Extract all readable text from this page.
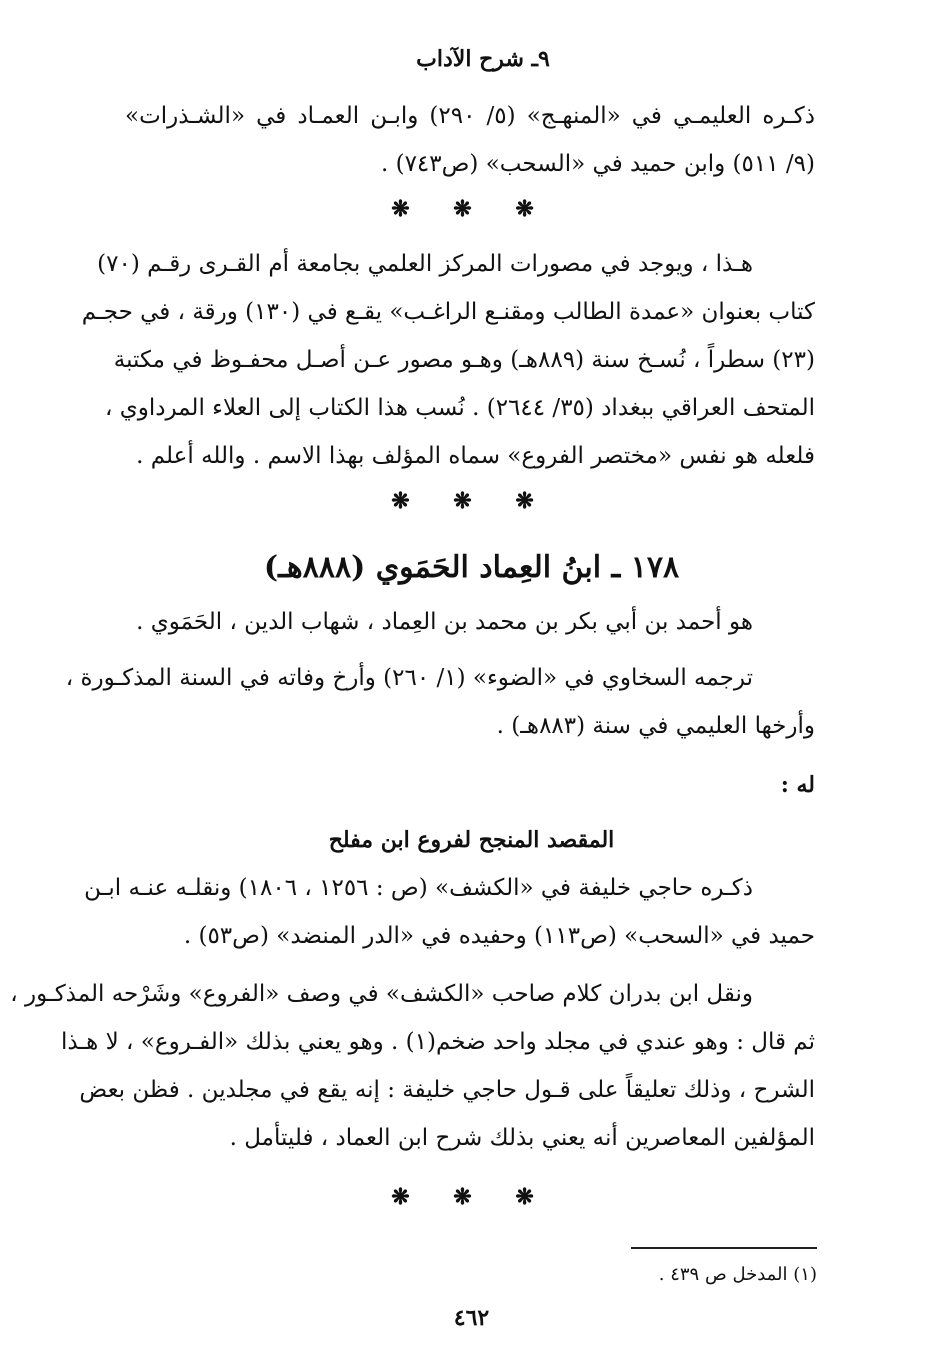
٩ـ شرح الآداب

ذكـره العليمـي في «المنهـج» (٥/ ٢٩٠) وابـن العمـاد في «الشـذرات»

(٩/ ٥١١) وابن حميد في «السحب» (ص٧٤٣) .

❋ ❋ ❋

هـذا ، ويوجد في مصورات المركز العلمي بجامعة أم القـرى رقـم (٧٠)

كتاب بعنوان «عمدة الطالب ومقنـع الراغـب» يقـع في (١٣٠) ورقة ، في حجـم

(٢٣) سطراً ، نُسـخ سنة (٨٨٩هـ) وهـو مصور عـن أصـل محفـوظ في مكتبة

المتحف العراقي ببغداد (٣٥/ ٢٦٤٤) . نُسب هذا الكتاب إلى العلاء المرداوي ،

فلعله هو نفس «مختصر الفروع» سماه المؤلف بهذا الاسم . والله أعلم .

❋ ❋ ❋
١٧٨ ـ ابنُ العِماد الحَمَوي (٨٨٨هـ)

هو أحمد بن أبي بكر بن محمد بن العِماد ، شهاب الدين ، الحَمَوي .

ترجمه السخاوي في «الضوء» (١/ ٢٦٠) وأرخ وفاته في السنة المذكـورة ،

وأرخها العليمي في سنة (٨٨٣هـ) .

له :
المقصد المنجح لفروع ابن مفلح

ذكـره حاجي خليفة في «الكشف» (ص : ١٢٥٦ ، ١٨٠٦) ونقلـه عنـه ابـن

حميد في «السحب» (ص١١٣) وحفيده في «الدر المنضد» (ص٥٣) .

ونقل ابن بدران كلام صاحب «الكشف» في وصف «الفروع» وشَرْحه المذكـور ،

ثم قال : وهو عندي في مجلد واحد ضخم(١) . وهو يعني بذلك «الفـروع» ، لا هـذا

الشرح ، وذلك تعليقاً على قـول حاجي خليفة : إنه يقع في مجلدين . فظن بعض

المؤلفين المعاصرين أنه يعني بذلك شرح ابن العماد ، فليتأمل .

❋ ❋ ❋
(١) المدخل ص ٤٣٩ .
٤٦٢
